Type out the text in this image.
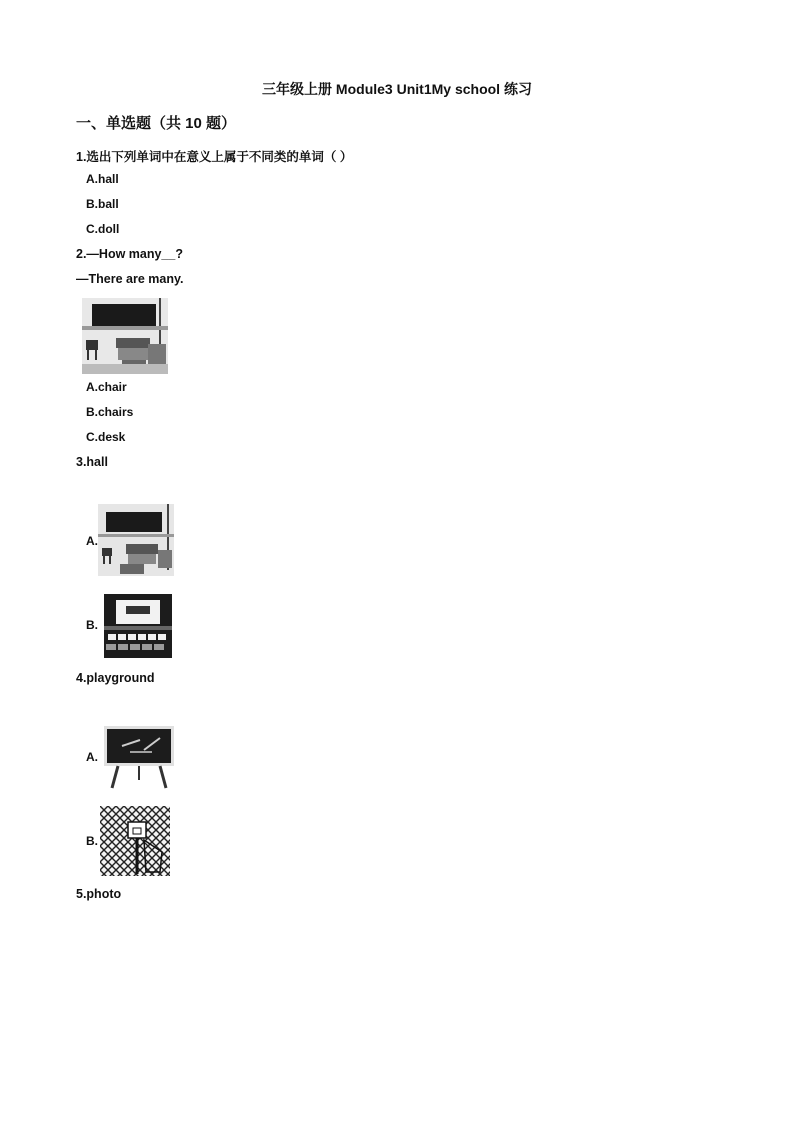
三年级上册 Module3 Unit1My school 练习
一、单选题（共 10 题）
1.选出下列单词中在意义上属于不同类的单词（ ）
A.hall
B.ball
C.doll
2.—How many__?
—There are many.
A.chair
B.chairs
C.desk
3.hall
A.
B.
4.playground
A.
B.
5.photo
